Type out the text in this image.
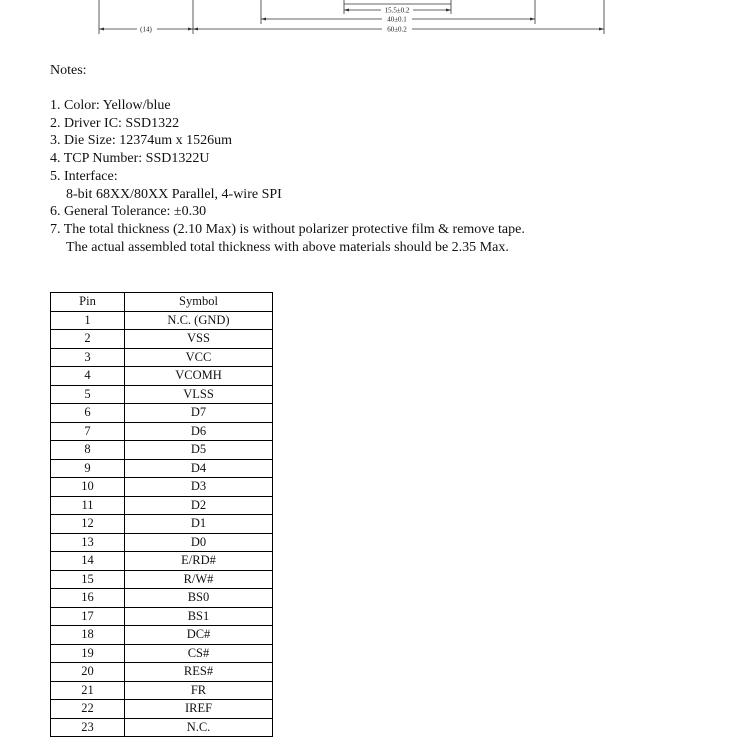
(14)
15.5±0.2
40±0.1
60±0.2
Notes:
1. Color: Yellow/blue
2. Driver IC: SSD1322
3. Die Size: 12374um x 1526um
4. TCP Number: SSD1322U
5. Interface:
8-bit 68XX/80XX Parallel, 4-wire SPI
6. General Tolerance: ±0.30
7. The total thickness (2.10 Max) is without polarizer protective film & remove tape.
The actual assembled total thickness with above materials should be 2.35 Max.
Pin	Symbol
1	N.C. (GND)
2	VSS
3	VCC
4	VCOMH
5	VLSS
6	D7
7	D6
8	D5
9	D4
10	D3
11	D2
12	D1
13	D0
14	E/RD#
15	R/W#
16	BS0
17	BS1
18	DC#
19	CS#
20	RES#
21	FR
22	IREF
23	N.C.
